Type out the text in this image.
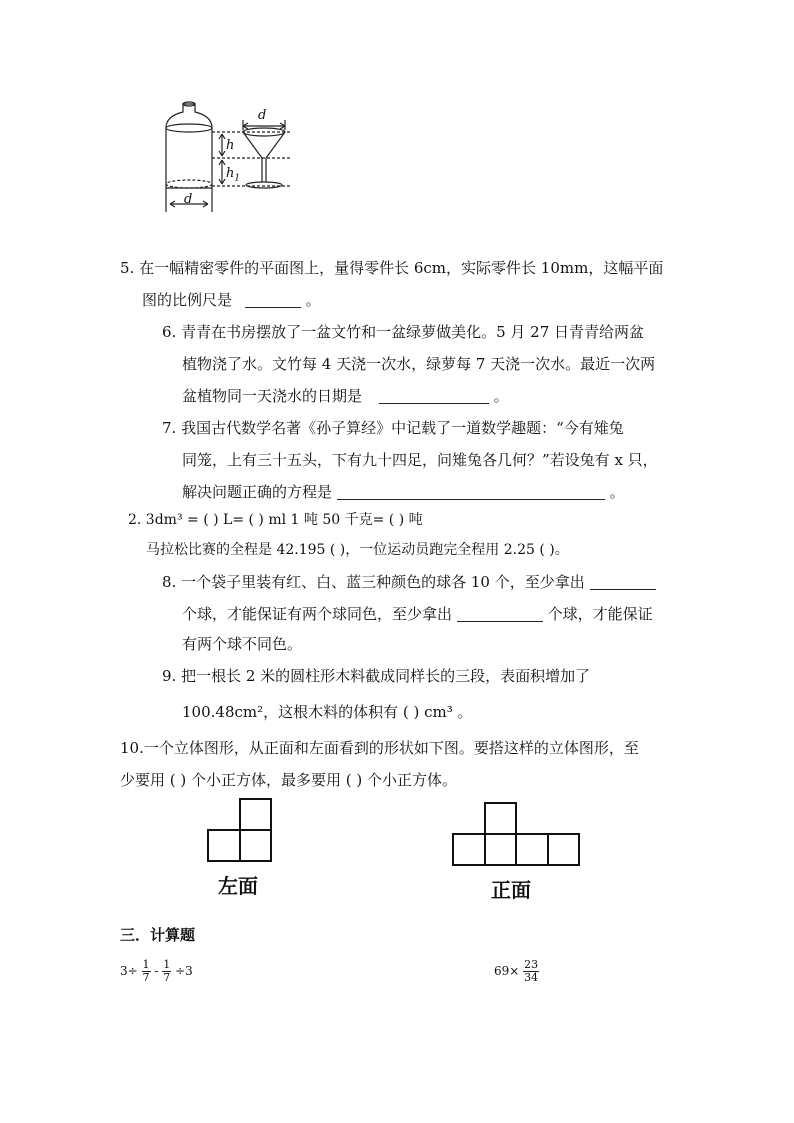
d
h
$h_1$
d
5. 在一幅精密零件的平面图上，量得零件长 6cm，实际零件长 10mm，这幅平面
图的比例尺是	。
6. 青青在书房摆放了一盆文竹和一盆绿萝做美化。5 月 27 日青青给两盆
植物浇了水。文竹每 4 天浇一次水，绿萝每 7 天浇一次水。最近一次两
盆植物同一天浇水的日期是	。
7. 我国古代数学名著《孙子算经》中记载了一道数学趣题：“今有雉兔
同笼，上有三十五头，下有九十四足，问雉兔各几何？”若设兔有 x 只，
解决问题正确的方程是	。
2. 3dm³ = ( ) L= ( ) ml 1 吨 50 千克= ( ) 吨
马拉松比赛的全程是 42.195 ( )，一位运动员跑完全程用 2.25 ( )。
8. 一个袋子里装有红、白、蓝三种颜色的球各 10 个，至少拿出
个球，才能保证有两个球同色，至少拿出	个球，才能保证
有两个球不同色。
9. 把一根长 2 米的圆柱形木料截成同样长的三段，表面积增加了
100.48cm²，这根木料的体积有 ( ) cm³ 。
10.一个立体图形，从正面和左面看到的形状如下图。要搭这样的立体图形，至
少要用 ( ) 个小正方体，最多要用 ( ) 个小正方体。
左面	正面
三．计算题
$3\div \frac{1}{7} - \frac{1}{7} \div 3$	$69\times \frac{23}{34}$
